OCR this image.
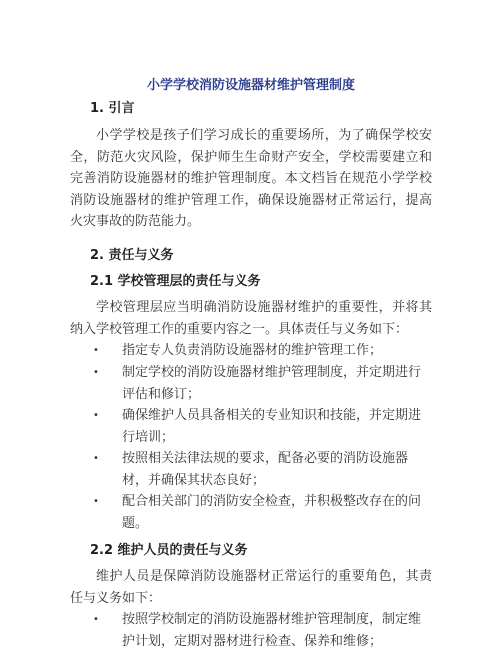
小学学校消防设施器材维护管理制度
1. 引言
小学学校是孩子们学习成长的重要场所，为了确保学校安全，防范火灾风险，保护师生生命财产安全，学校需要建立和完善消防设施器材的维护管理制度。本文档旨在规范小学学校消防设施器材的维护管理工作，确保设施器材正常运行，提高火灾事故的防范能力。
2. 责任与义务
2.1 学校管理层的责任与义务
学校管理层应当明确消防设施器材维护的重要性，并将其纳入学校管理工作的重要内容之一。具体责任与义务如下：
•	指定专人负责消防设施器材的维护管理工作；
•	制定学校的消防设施器材维护管理制度，并定期进行评估和修订；
•	确保维护人员具备相关的专业知识和技能，并定期进行培训；
•	按照相关法律法规的要求，配备必要的消防设施器材，并确保其状态良好；
•	配合相关部门的消防安全检查，并积极整改存在的问题。
2.2 维护人员的责任与义务
维护人员是保障消防设施器材正常运行的重要角色，其责任与义务如下：
•	按照学校制定的消防设施器材维护管理制度，制定维护计划，定期对器材进行检查、保养和维修；
